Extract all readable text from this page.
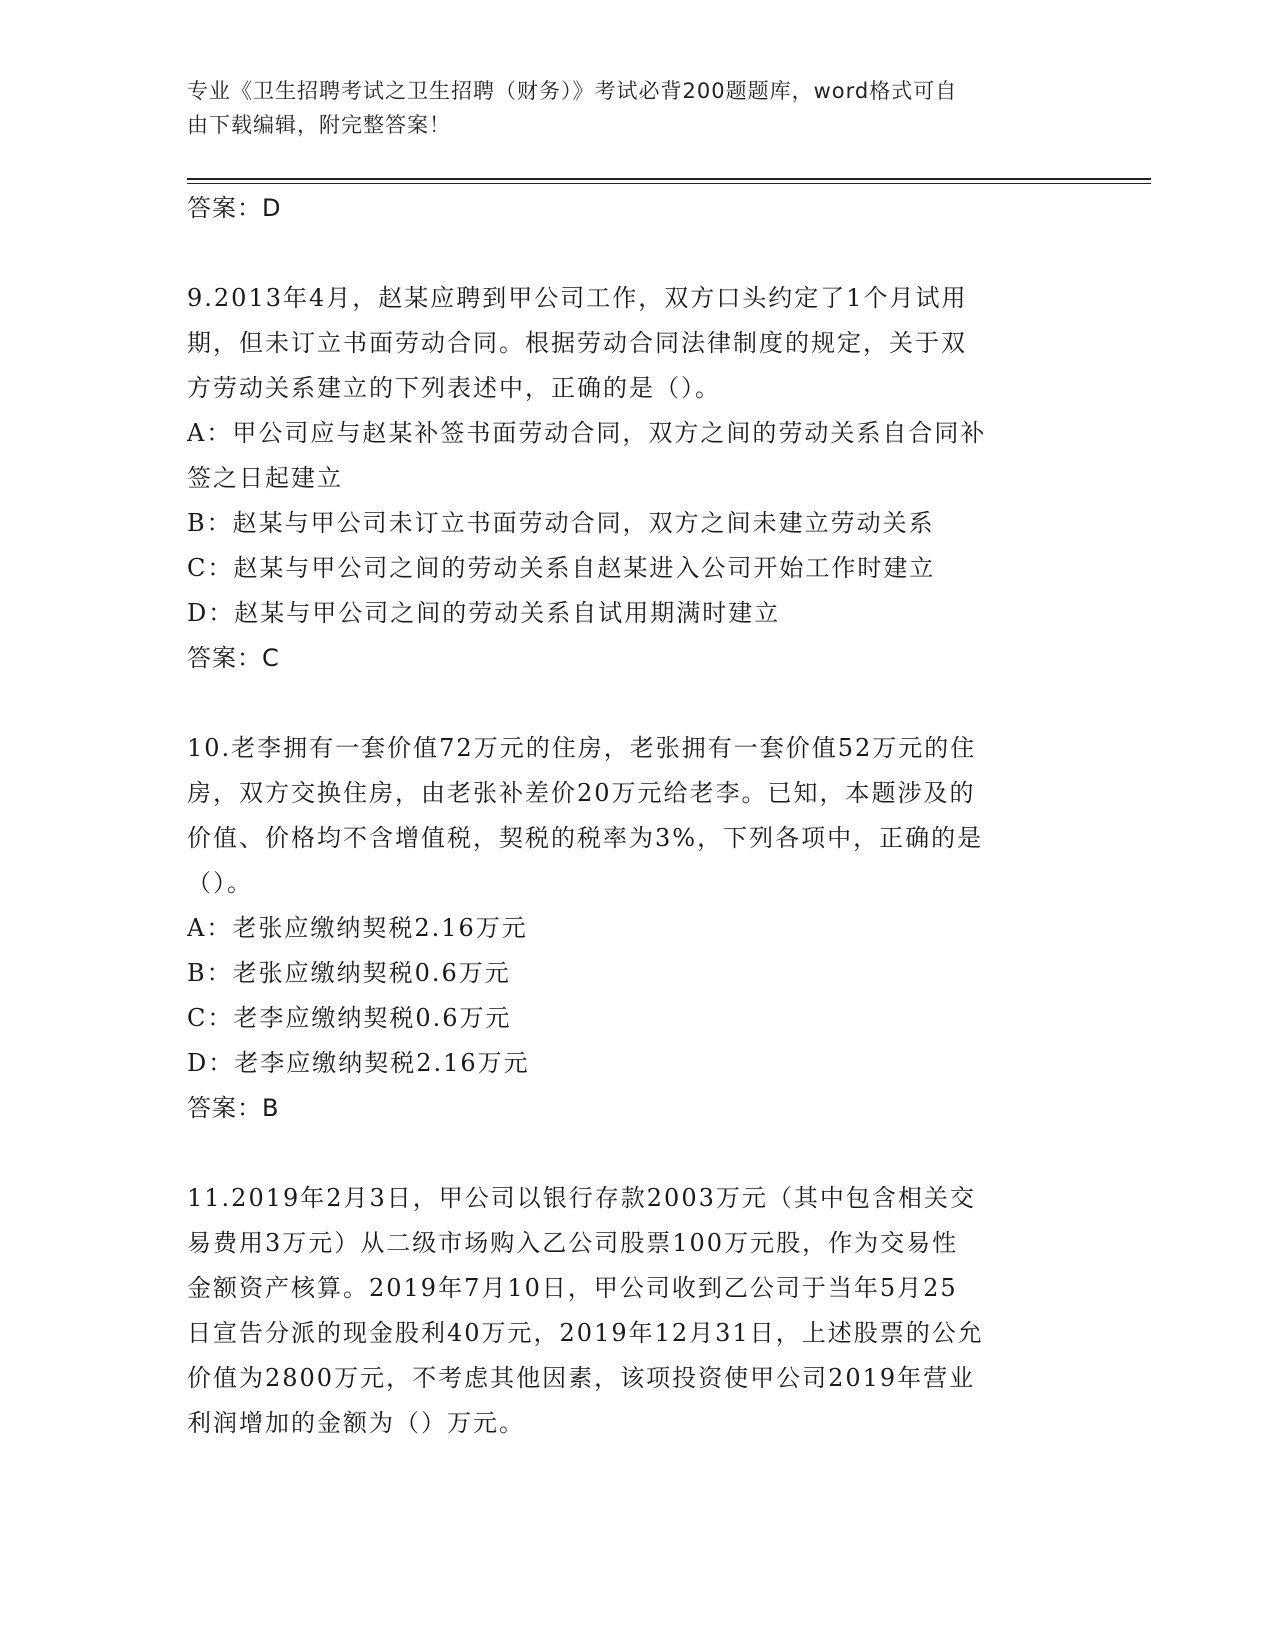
专业《卫生招聘考试之卫生招聘（财务）》考试必背200题题库，word格式可自
由下载编辑，附完整答案！
答案：D
9.2013年4月，赵某应聘到甲公司工作，双方口头约定了1个月试用
期，但未订立书面劳动合同。根据劳动合同法律制度的规定，关于双
方劳动关系建立的下列表述中，正确的是（）。
A：甲公司应与赵某补签书面劳动合同，双方之间的劳动关系自合同补
签之日起建立
B：赵某与甲公司未订立书面劳动合同，双方之间未建立劳动关系
C：赵某与甲公司之间的劳动关系自赵某进入公司开始工作时建立
D：赵某与甲公司之间的劳动关系自试用期满时建立
答案：C
10.老李拥有一套价值72万元的住房，老张拥有一套价值52万元的住
房，双方交换住房，由老张补差价20万元给老李。已知，本题涉及的
价值、价格均不含增值税，契税的税率为3%，下列各项中，正确的是
（）。
A：老张应缴纳契税2.16万元
B：老张应缴纳契税0.6万元
C：老李应缴纳契税0.6万元
D：老李应缴纳契税2.16万元
答案：B
11.2019年2月3日，甲公司以银行存款2003万元（其中包含相关交
易费用3万元）从二级市场购入乙公司股票100万元股，作为交易性
金额资产核算。2019年7月10日，甲公司收到乙公司于当年5月25
日宣告分派的现金股利40万元，2019年12月31日，上述股票的公允
价值为2800万元，不考虑其他因素，该项投资使甲公司2019年营业
利润增加的金额为（）万元。
